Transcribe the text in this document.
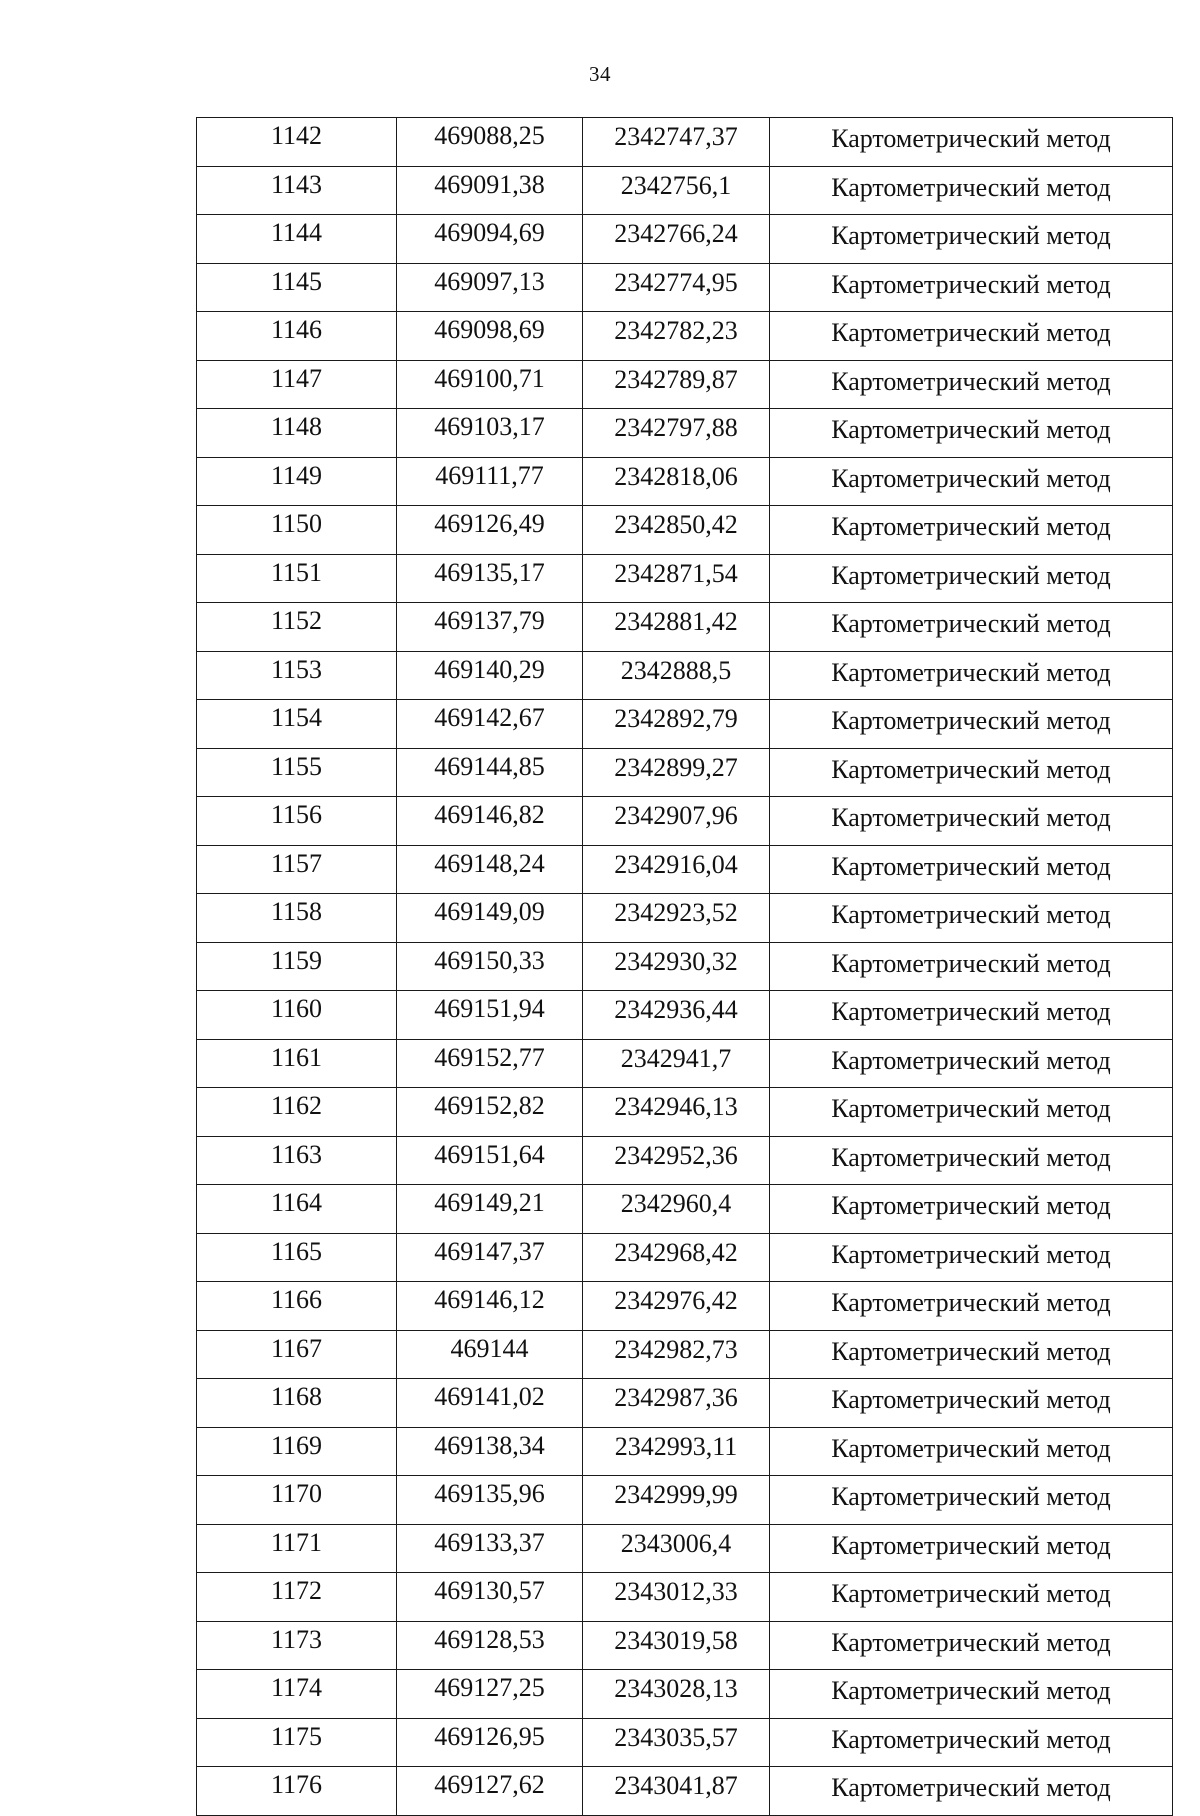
34
1142	469088,25	2342747,37	Картометрический метод
1143	469091,38	2342756,1	Картометрический метод
1144	469094,69	2342766,24	Картометрический метод
1145	469097,13	2342774,95	Картометрический метод
1146	469098,69	2342782,23	Картометрический метод
1147	469100,71	2342789,87	Картометрический метод
1148	469103,17	2342797,88	Картометрический метод
1149	469111,77	2342818,06	Картометрический метод
1150	469126,49	2342850,42	Картометрический метод
1151	469135,17	2342871,54	Картометрический метод
1152	469137,79	2342881,42	Картометрический метод
1153	469140,29	2342888,5	Картометрический метод
1154	469142,67	2342892,79	Картометрический метод
1155	469144,85	2342899,27	Картометрический метод
1156	469146,82	2342907,96	Картометрический метод
1157	469148,24	2342916,04	Картометрический метод
1158	469149,09	2342923,52	Картометрический метод
1159	469150,33	2342930,32	Картометрический метод
1160	469151,94	2342936,44	Картометрический метод
1161	469152,77	2342941,7	Картометрический метод
1162	469152,82	2342946,13	Картометрический метод
1163	469151,64	2342952,36	Картометрический метод
1164	469149,21	2342960,4	Картометрический метод
1165	469147,37	2342968,42	Картометрический метод
1166	469146,12	2342976,42	Картометрический метод
1167	469144	2342982,73	Картометрический метод
1168	469141,02	2342987,36	Картометрический метод
1169	469138,34	2342993,11	Картометрический метод
1170	469135,96	2342999,99	Картометрический метод
1171	469133,37	2343006,4	Картометрический метод
1172	469130,57	2343012,33	Картометрический метод
1173	469128,53	2343019,58	Картометрический метод
1174	469127,25	2343028,13	Картометрический метод
1175	469126,95	2343035,57	Картометрический метод
1176	469127,62	2343041,87	Картометрический метод
